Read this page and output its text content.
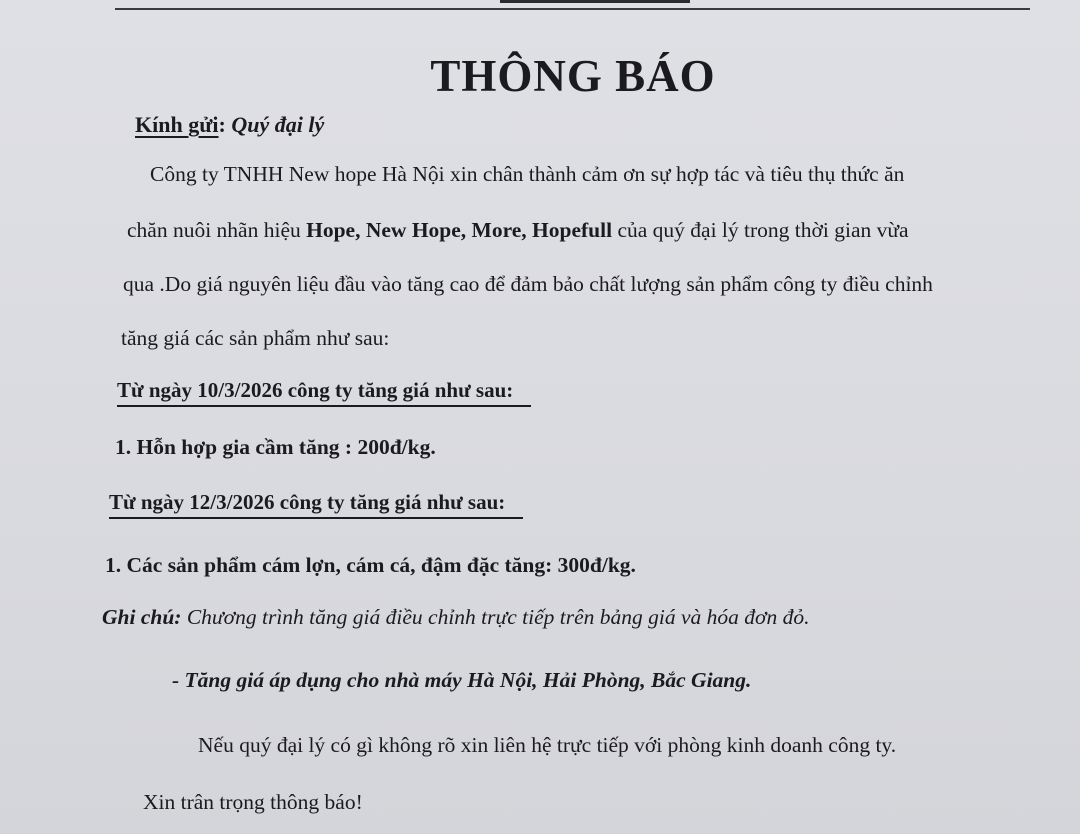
THÔNG BÁO
Kính gửi: Quý đại lý
Công ty TNHH New hope Hà Nội xin chân thành cảm ơn sự hợp tác và tiêu thụ thức ăn
chăn nuôi nhãn hiệu Hope, New Hope, More, Hopefull của quý đại lý trong thời gian vừa
qua .Do giá nguyên liệu đầu vào tăng cao để đảm bảo chất lượng sản phẩm công ty điều chỉnh
tăng giá các sản phẩm như sau:
Từ ngày 10/3/2026 công ty tăng giá như sau:
1. Hỗn hợp gia cầm tăng : 200đ/kg.
Từ ngày 12/3/2026 công ty tăng giá như sau:
1. Các sản phẩm cám lợn, cám cá, đậm đặc tăng: 300đ/kg.
Ghi chú: Chương trình tăng giá điều chỉnh trực tiếp trên bảng giá và hóa đơn đỏ.
- Tăng giá áp dụng cho nhà máy Hà Nội, Hải Phòng, Bắc Giang.
Nếu quý đại lý có gì không rõ xin liên hệ trực tiếp với phòng kinh doanh công ty.
Xin trân trọng thông báo!
